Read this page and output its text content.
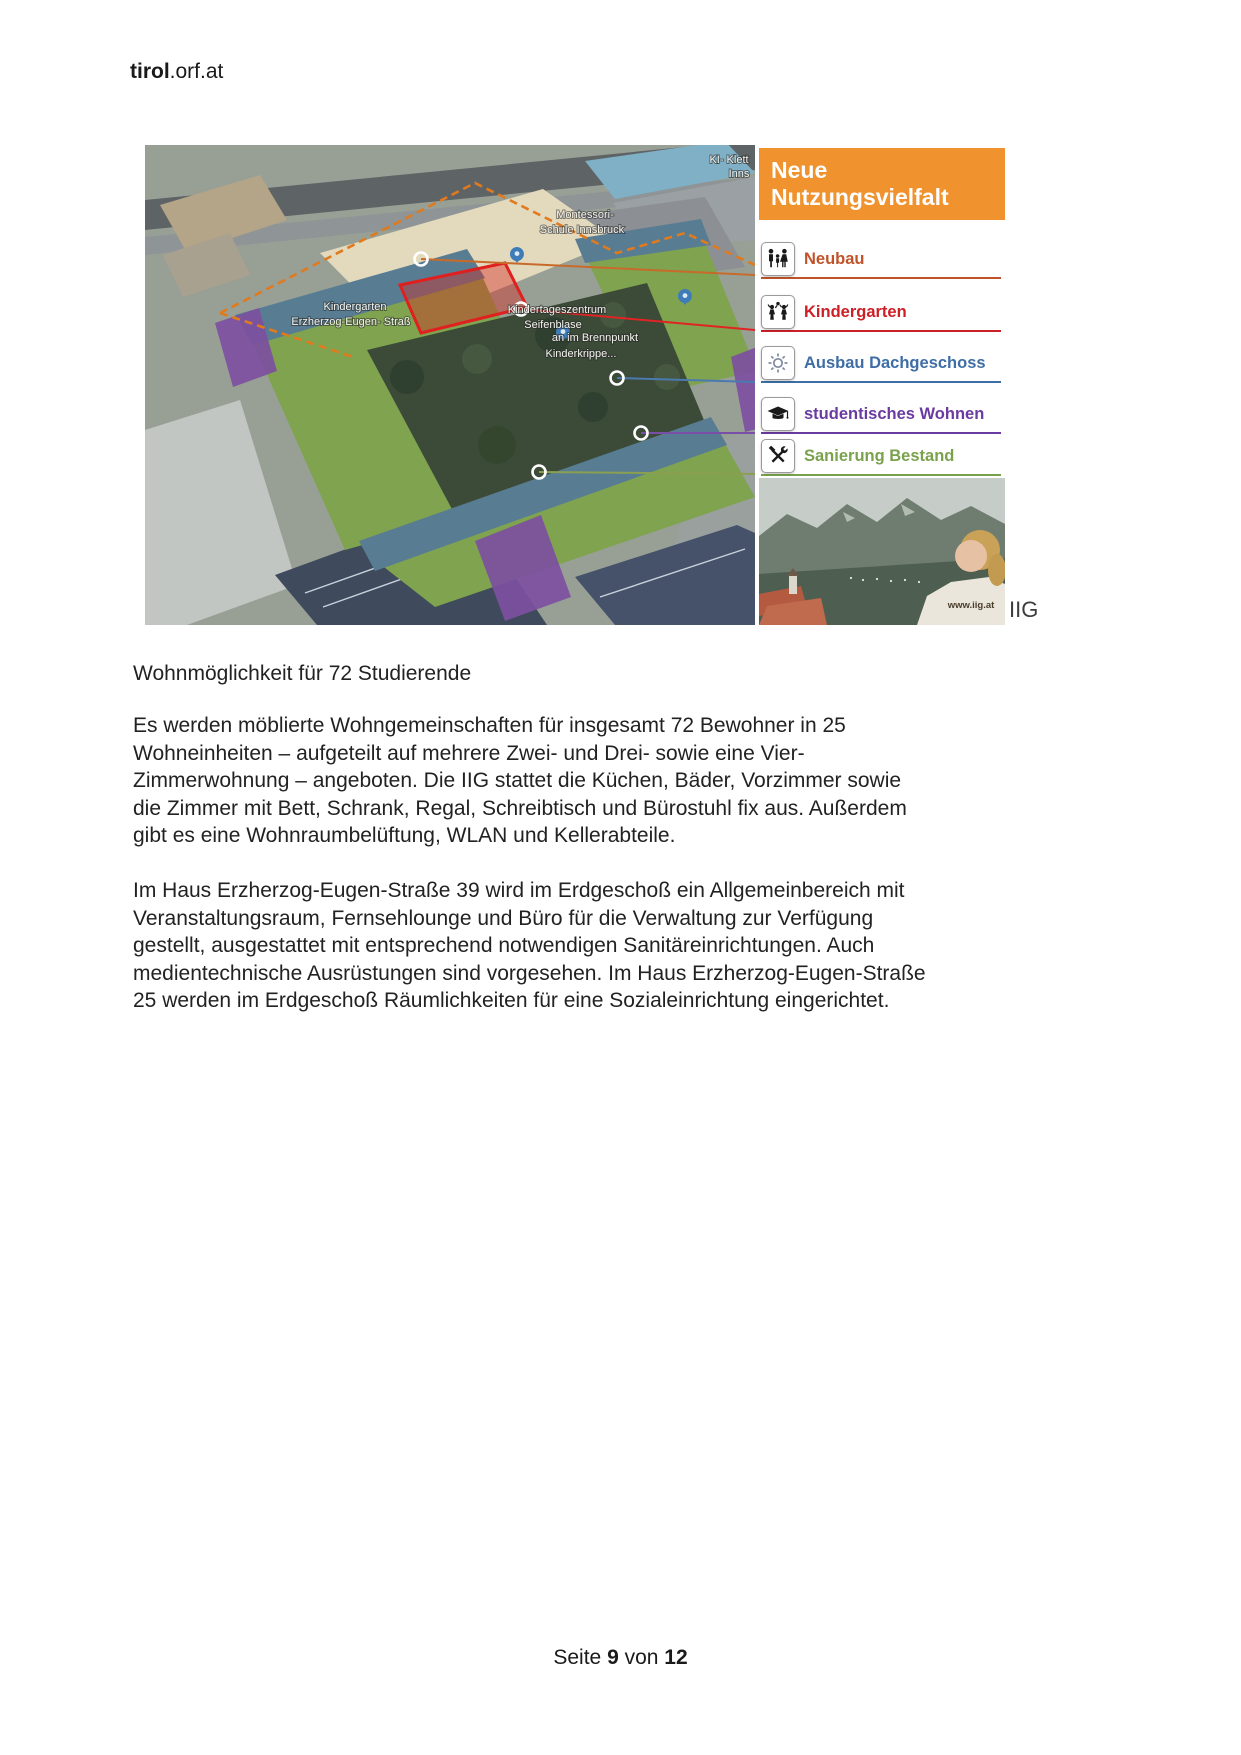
tirol.orf.at
Kindergarten
Erzherzog-Eugen- Straß
Montessori-
Schule Innsbruck
Kindertageszentrum
Seifenblase
an im Brennpunkt
Kinderkrippe...
KI- Klett
Inns Neue Nutzungsvielfalt
Neubau
Kindergarten
Ausbau Dachgeschoss
studentisches Wohnen
Sanierung Bestand
www.iig.at IIG
Wohnmöglichkeit für 72 Studierende
Es werden möblierte Wohngemeinschaften für insgesamt 72 Bewohner in 25
Wohneinheiten – aufgeteilt auf mehrere Zwei- und Drei- sowie eine Vier-
Zimmerwohnung – angeboten. Die IIG stattet die Küchen, Bäder, Vorzimmer sowie
die Zimmer mit Bett, Schrank, Regal, Schreibtisch und Bürostuhl fix aus. Außerdem
gibt es eine Wohnraumbelüftung, WLAN und Kellerabteile.
Im Haus Erzherzog-Eugen-Straße 39 wird im Erdgeschoß ein Allgemeinbereich mit
Veranstaltungsraum, Fernsehlounge und Büro für die Verwaltung zur Verfügung
gestellt, ausgestattet mit entsprechend notwendigen Sanitäreinrichtungen. Auch
medientechnische Ausrüstungen sind vorgesehen. Im Haus Erzherzog-Eugen-Straße
25 werden im Erdgeschoß Räumlichkeiten für eine Sozialeinrichtung eingerichtet.
Seite 9 von 12
